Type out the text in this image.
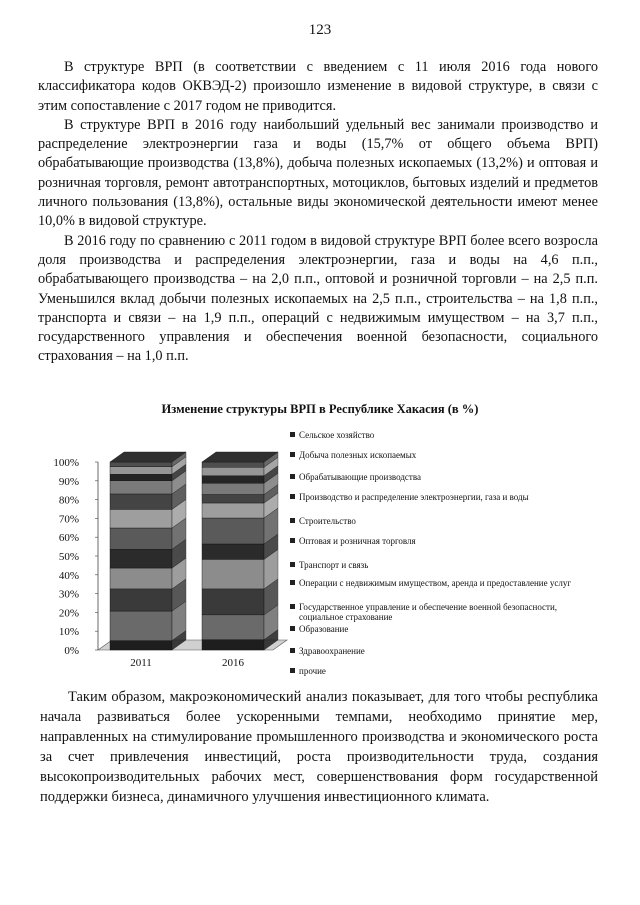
123

В структуре ВРП (в соответствии с введением с 11 июля 2016 года нового классификатора кодов ОКВЭД-2) произошло изменение в видовой структуре, в связи с этим сопоставление с 2017 годом не приводится.

В структуре ВРП в 2016 году наибольший удельный вес занимали производство и распределение электроэнергии газа и воды (15,7% от общего объема ВРП) обрабатывающие производства (13,8%), добыча полезных ископаемых (13,2%) и оптовая и розничная торговля, ремонт автотранспортных, мотоциклов, бытовых изделий и предметов личного пользования (13,8%), остальные виды экономической деятельности имеют менее 10,0% в видовой структуре.

В 2016 году по сравнению с 2011 годом в видовой структуре ВРП более всего возросла доля производства и распределения электроэнергии, газа и воды на 4,6 п.п., обрабатывающего производства – на 2,0 п.п., оптовой и розничной торговли – на 2,5 п.п. Уменьшился вклад добычи полезных ископаемых на 2,5 п.п., строительства – на 1,8 п.п., транспорта и связи – на 1,9 п.п., операций с недвижимым имуществом – на 3,7 п.п., государственного управления и обеспечения военной безопасности, социального страхования – на 1,0 п.п.

Изменение структуры ВРП в Республике Хакасия (в %)
0%
10%
20%
30%
40%
50%
60%
70%
80%
90%
100%
2011	2016
Сельское хозяйство
Добыча полезных ископаемых
Обрабатывающие производства
Производство и распределение электроэнергии, газа и воды
Строительство
Оптовая и розничная торговля
Транспорт и связь
Операции с недвижимым имуществом, аренда и предоставление услуг
Государственное управление и обеспечение военной безопасности, социальное страхование
Образование
Здравоохранение
прочие

Таким образом, макроэкономический анализ показывает, для того чтобы республика начала развиваться более ускоренными темпами, необходимо принятие мер, направленных на стимулирование промышленного производства и экономического роста за счет привлечения инвестиций, роста производительности труда, создания высокопроизводительных рабочих мест, совершенствования форм государственной поддержки бизнеса, динамичного улучшения инвестиционного климата.
